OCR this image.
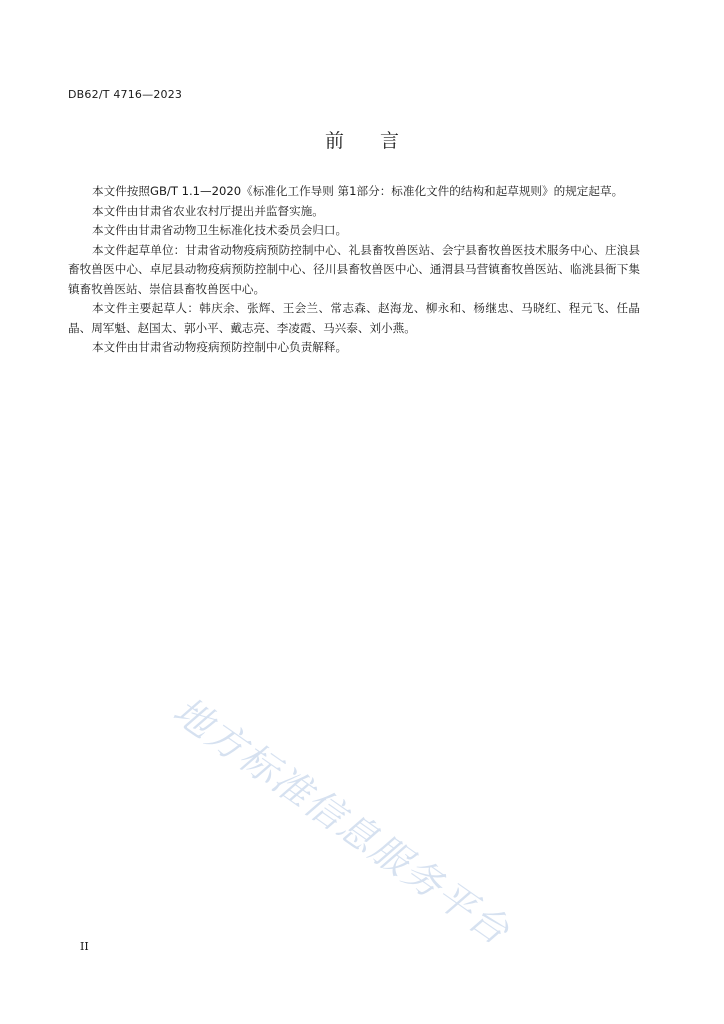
DB62/T 4716—2023
前言

本文件按照GB/T 1.1—2020《标准化工作导则 第1部分：标准化文件的结构和起草规则》的规定起草。

本文件由甘肃省农业农村厅提出并监督实施。

本文件由甘肃省动物卫生标准化技术委员会归口。

本文件起草单位：甘肃省动物疫病预防控制中心、礼县畜牧兽医站、会宁县畜牧兽医技术服务中心、庄浪县畜牧兽医中心、卓尼县动物疫病预防控制中心、径川县畜牧兽医中心、通渭县马营镇畜牧兽医站、临洮县衙下集镇畜牧兽医站、崇信县畜牧兽医中心。

本文件主要起草人：韩庆余、张辉、王会兰、常志森、赵海龙、柳永和、杨继忠、马晓红、程元飞、任晶晶、周军魁、赵国太、郭小平、戴志亮、李凌霞、马兴泰、刘小燕。

本文件由甘肃省动物疫病预防控制中心负责解释。

地方标准信息服务平台
II
